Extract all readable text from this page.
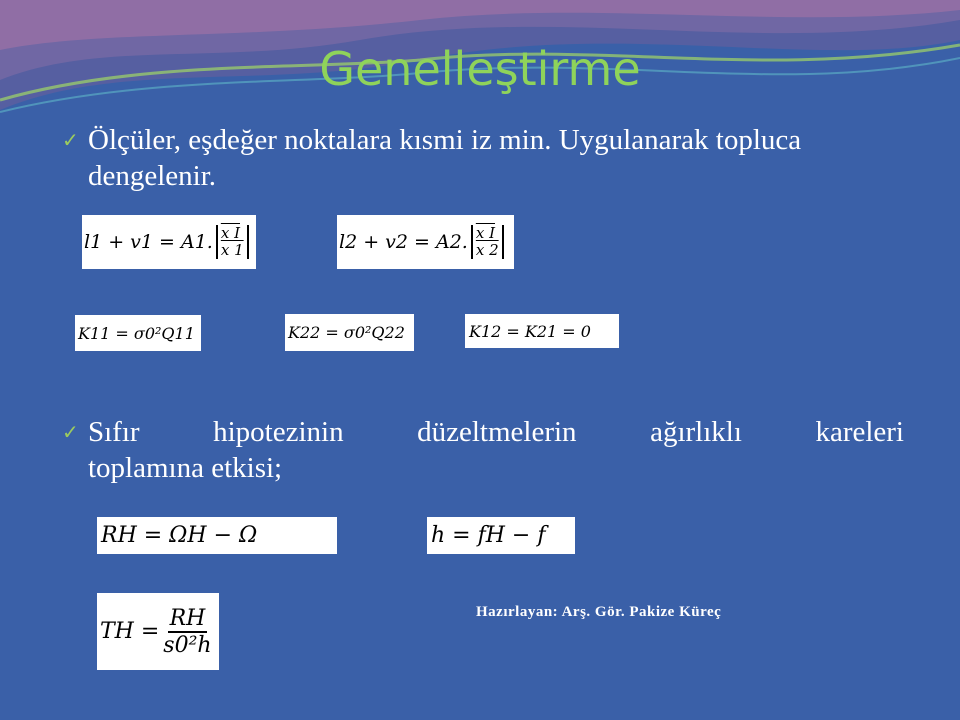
Genelleştirme
✓ Ölçüler, eşdeğer noktalara kısmi iz min. Uygulanarak topluca dengelenir.
l1 + v1 = A1. x I
x 1	l2 + v2 = A2. x I
x 2
K11 = σ0²Q11	K22 = σ0²Q22	K12 = K21 = 0
✓ Sıfır hipotezinin düzeltmelerin ağırlıklı kareleri
toplamına etkisi;
RH = ΩH − Ω	h = fH − f
TH = $\frac{RH}{\text{s0²h}}$	Hazırlayan: Arş. Gör. Pakize Küreç
